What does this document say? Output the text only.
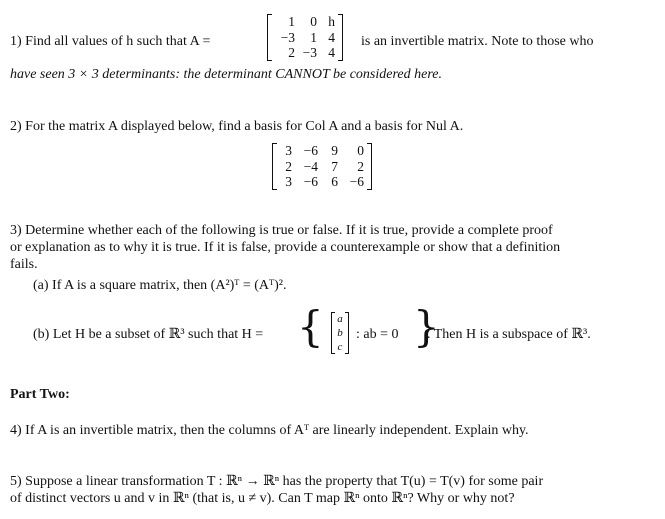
1) Find all values of h such that A =
1	0 h
−3	1 4
2 −3 4
is an invertible matrix. Note to those who
have seen 3 × 3 determinants: the determinant CANNOT be considered here.
2) For the matrix A displayed below, find a basis for Col A and a basis for Nul A.
3 −6 9	0
2 −4 7	2
3 −6 6 −6
3) Determine whether each of the following is true or false. If it is true, provide a complete proof
or explanation as to why it is true. If it is false, provide a counterexample or show that a definition
fails.
(a) If A is a square matrix, then (A²)ᵀ = (Aᵀ)².
(b) Let H be a subset of ℝ³ such that H = { a
b
c
: ab = 0 }
. Then H is a subspace of ℝ³.
Part Two:
4) If A is an invertible matrix, then the columns of Aᵀ are linearly independent. Explain why.
5) Suppose a linear transformation T : ℝⁿ → ℝⁿ has the property that T(u) = T(v) for some pair
of distinct vectors u and v in ℝⁿ (that is, u ≠ v). Can T map ℝⁿ onto ℝⁿ? Why or why not?
